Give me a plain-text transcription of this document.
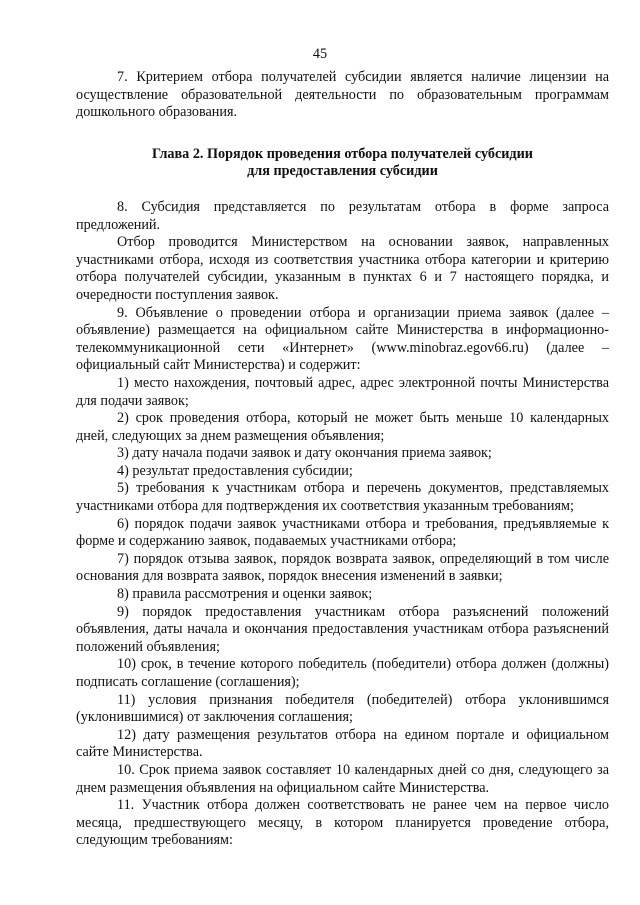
45

7. Критерием отбора получателей субсидии является наличие лицензии на осуществление образовательной деятельности по образовательным программам дошкольного образования.

Глава 2. Порядок проведения отбора получателей субсидии
для предоставления субсидии

8. Субсидия представляется по результатам отбора в форме запроса предложений.

Отбор проводится Министерством на основании заявок, направленных участниками отбора, исходя из соответствия участника отбора категории и критерию отбора получателей субсидии, указанным в пунктах 6 и 7 настоящего порядка, и очередности поступления заявок.

9. Объявление о проведении отбора и организации приема заявок (далее – объявление) размещается на официальном сайте Министерства в информационно-телекоммуникационной сети «Интернет» (www.minobraz.egov66.ru) (далее – официальный сайт Министерства) и содержит:

1) место нахождения, почтовый адрес, адрес электронной почты Министерства для подачи заявок;

2) срок проведения отбора, который не может быть меньше 10 календарных дней, следующих за днем размещения объявления;

3) дату начала подачи заявок и дату окончания приема заявок;

4) результат предоставления субсидии;

5) требования к участникам отбора и перечень документов, представляемых участниками отбора для подтверждения их соответствия указанным требованиям;

6) порядок подачи заявок участниками отбора и требования, предъявляемые к форме и содержанию заявок, подаваемых участниками отбора;

7) порядок отзыва заявок, порядок возврата заявок, определяющий в том числе основания для возврата заявок, порядок внесения изменений в заявки;

8) правила рассмотрения и оценки заявок;

9) порядок предоставления участникам отбора разъяснений положений объявления, даты начала и окончания предоставления участникам отбора разъяснений положений объявления;

10) срок, в течение которого победитель (победители) отбора должен (должны) подписать соглашение (соглашения);

11) условия признания победителя (победителей) отбора уклонившимся (уклонившимися) от заключения соглашения;

12) дату размещения результатов отбора на едином портале и официальном сайте Министерства.

10. Срок приема заявок составляет 10 календарных дней со дня, следующего за днем размещения объявления на официальном сайте Министерства.

11. Участник отбора должен соответствовать не ранее чем на первое число месяца, предшествующего месяцу, в котором планируется проведение отбора, следующим требованиям:
